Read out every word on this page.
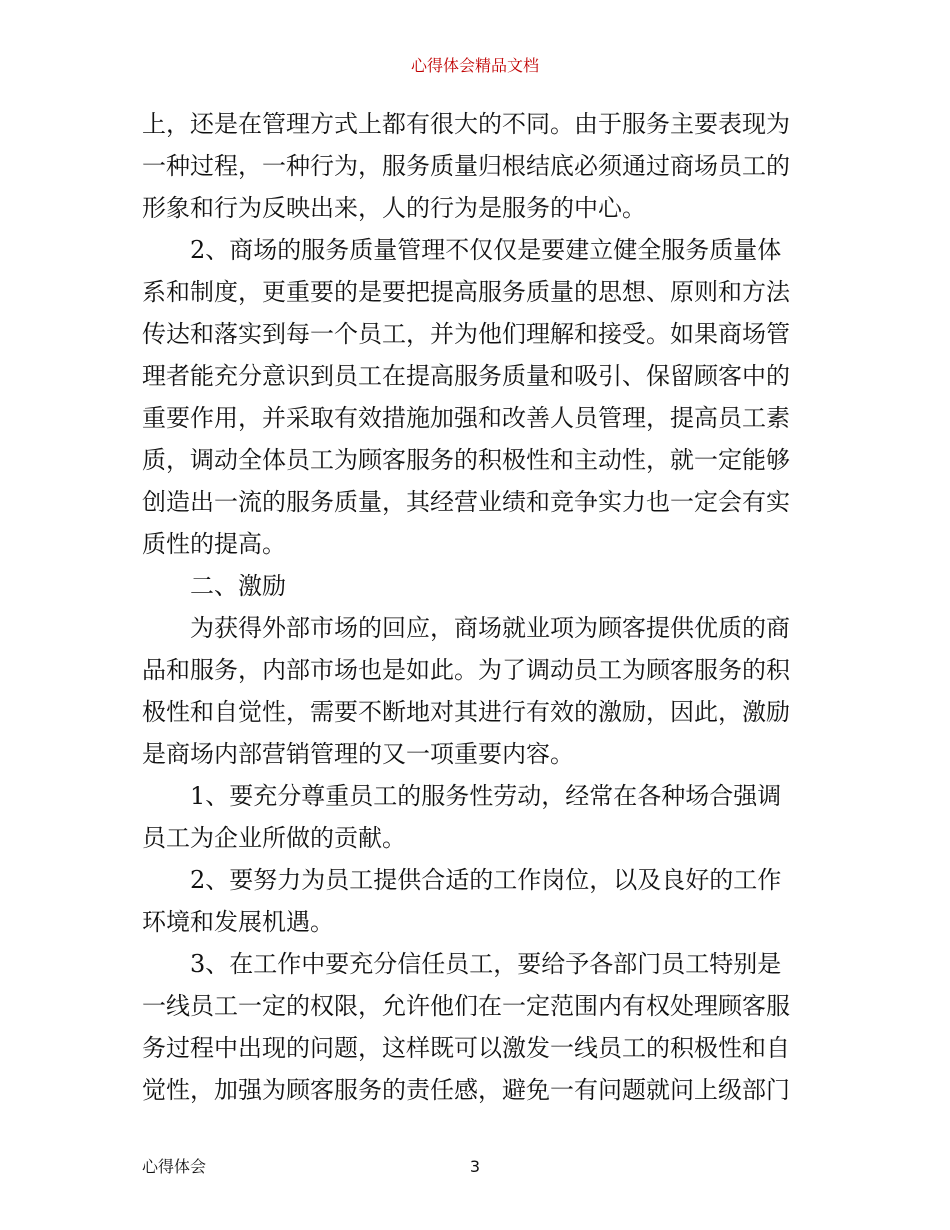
心得体会精品文档
上，还是在管理方式上都有很大的不同。由于服务主要表现为
一种过程，一种行为，服务质量归根结底必须通过商场员工的
形象和行为反映出来，人的行为是服务的中心。
2、商场的服务质量管理不仅仅是要建立健全服务质量体
系和制度，更重要的是要把提高服务质量的思想、原则和方法
传达和落实到每一个员工，并为他们理解和接受。如果商场管
理者能充分意识到员工在提高服务质量和吸引、保留顾客中的
重要作用，并采取有效措施加强和改善人员管理，提高员工素
质，调动全体员工为顾客服务的积极性和主动性，就一定能够
创造出一流的服务质量，其经营业绩和竞争实力也一定会有实
质性的提高。
二、激励
为获得外部市场的回应，商场就业项为顾客提供优质的商
品和服务，内部市场也是如此。为了调动员工为顾客服务的积
极性和自觉性，需要不断地对其进行有效的激励，因此，激励
是商场内部营销管理的又一项重要内容。
1、要充分尊重员工的服务性劳动，经常在各种场合强调
员工为企业所做的贡献。
2、要努力为员工提供合适的工作岗位，以及良好的工作
环境和发展机遇。
3、在工作中要充分信任员工，要给予各部门员工特别是
一线员工一定的权限，允许他们在一定范围内有权处理顾客服
务过程中出现的问题，这样既可以激发一线员工的积极性和自
觉性，加强为顾客服务的责任感，避免一有问题就问上级部门
心得体会	3
